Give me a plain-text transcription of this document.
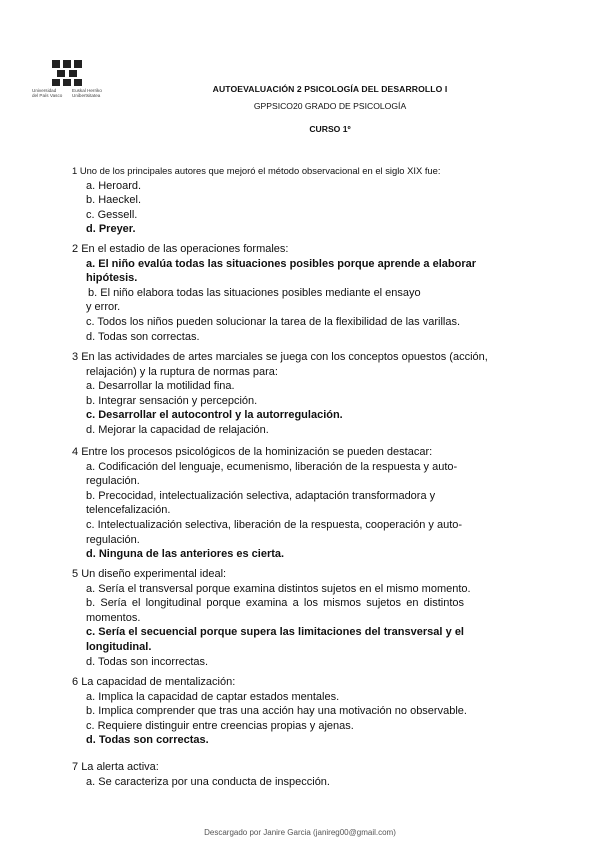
Universidad
del País Vasco
Euskal Herriko
Unibertsitatea
AUTOEVALUACIÓN 2 PSICOLOGÍA DEL DESARROLLO I
GPPSICO20 GRADO DE PSICOLOGÍA
CURSO 1º
1 Uno de los principales autores que mejoró el método observacional en el siglo XIX fue:
a. Heroard.
b. Haeckel.
c. Gessell.
d. Preyer.
2 En el estadio de las operaciones formales:
a. El niño evalúa todas las situaciones posibles porque aprende a elaborar hipótesis.
b. El niño elabora todas las situaciones posibles mediante el ensayo
y error.
c. Todos los niños pueden solucionar la tarea de la flexibilidad de las varillas.
d. Todas son correctas.
3 En las actividades de artes marciales se juega con los conceptos opuestos (acción,
relajación) y la ruptura de normas para:
a. Desarrollar la motilidad fina.
b. Integrar sensación y percepción.
c. Desarrollar el autocontrol y la autorregulación.
d. Mejorar la capacidad de relajación.
4 Entre los procesos psicológicos de la hominización se pueden destacar:
a. Codificación del lenguaje, ecumenismo, liberación de la respuesta y auto-regulación.
b. Precocidad, intelectualización selectiva, adaptación transformadora y telencefalización.
c. Intelectualización selectiva, liberación de la respuesta, cooperación y auto-regulación.
d. Ninguna de las anteriores es cierta.
5 Un diseño experimental ideal:
a. Sería el transversal porque examina distintos sujetos en el mismo momento.
b. Sería el longitudinal porque examina a los mismos sujetos en distintos momentos.
c. Sería el secuencial porque supera las limitaciones del transversal y el longitudinal.
d. Todas son incorrectas.
6 La capacidad de mentalización:
a. Implica la capacidad de captar estados mentales.
b. Implica comprender que tras una acción hay una motivación no observable.
c. Requiere distinguir entre creencias propias y ajenas.
d. Todas son correctas.
7 La alerta activa:
a. Se caracteriza por una conducta de inspección.
Descargado por Janire Garcia (janireg00@gmail.com)
